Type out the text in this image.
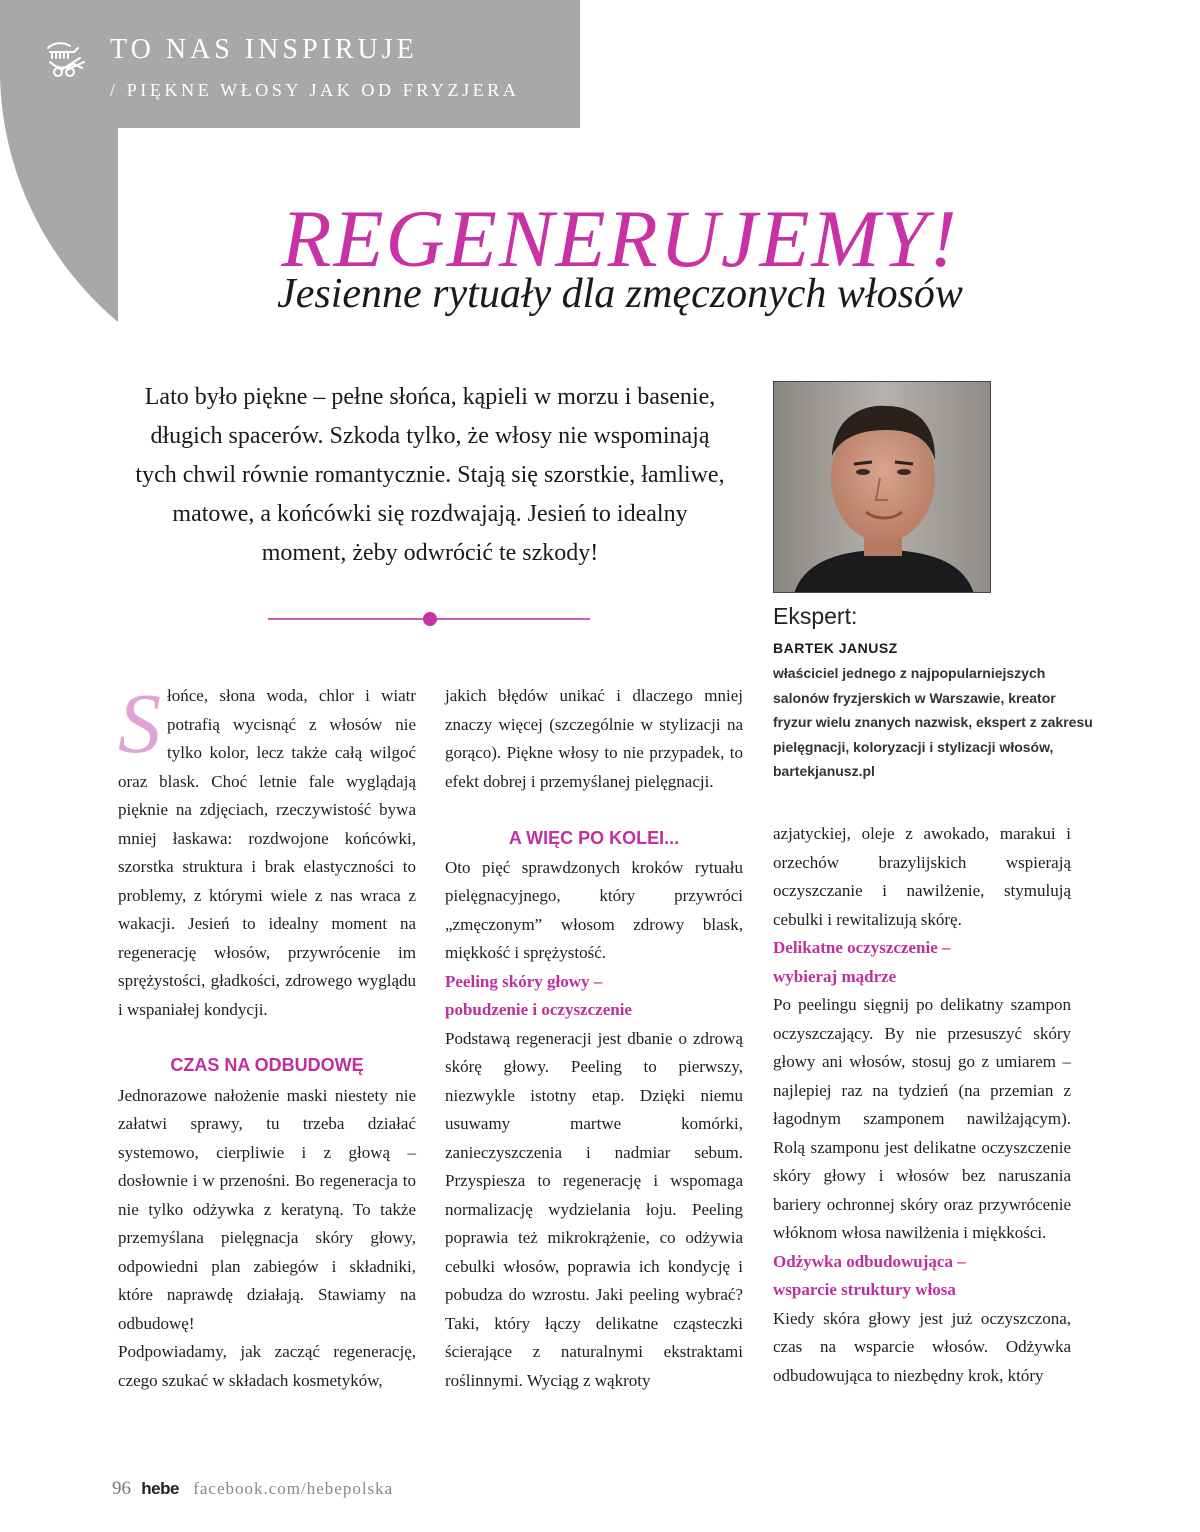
TO NAS INSPIRUJE
/ PIĘKNE WŁOSY JAK OD FRYZJERA
REGENERUJEMY!
Jesienne rytuały dla zmęczonych włosów

Lato było piękne – pełne słońca, kąpieli w morzu i basenie, długich spacerów. Szkoda tylko, że włosy nie wspominają tych chwil równie romantycznie. Stają się szorstkie, łamliwe, matowe, a końcówki się rozdwajają. Jesień to idealny moment, żeby odwrócić te szkody!

Ekspert:
BARTEK JANUSZ

właściciel jednego z najpopularniejszych salonów fryzjerskich w Warszawie, kreator fryzur wielu znanych nazwisk, ekspert z zakresu pielęgnacji, koloryzacji i stylizacji włosów, bartekjanusz.pl

Słońce, słona woda, chlor i wiatr potrafią wycisnąć z włosów nie tylko kolor, lecz także całą wilgoć oraz blask. Choć letnie fale wyglądają pięknie na zdjęciach, rzeczywistość bywa mniej łaskawa: rozdwojone końcówki, szorstka struktura i brak elastyczności to problemy, z którymi wiele z nas wraca z wakacji. Jesień to idealny moment na regenerację włosów, przywrócenie im sprężystości, gładkości, zdrowego wyglądu i wspaniałej kondycji.

CZAS NA ODBUDOWĘ

Jednorazowe nałożenie maski niestety nie załatwi sprawy, tu trzeba działać systemowo, cierpliwie i z głową – dosłownie i w przenośni. Bo regeneracja to nie tylko odżywka z keratyną. To także przemyślana pielęgnacja skóry głowy, odpowiedni plan zabiegów i składniki, które naprawdę działają. Stawiamy na odbudowę!

Podpowiadamy, jak zacząć regenerację, czego szukać w składach kosmetyków,

jakich błędów unikać i dlaczego mniej znaczy więcej (szczególnie w stylizacji na gorąco). Piękne włosy to nie przypadek, to efekt dobrej i przemyślanej pielęgnacji.

A WIĘC PO KOLEI...

Oto pięć sprawdzonych kroków rytuału pielęgnacyjnego, który przywróci „zmęczonym” włosom zdrowy blask, miękkość i sprężystość.

Peeling skóry głowy –

pobudzenie i oczyszczenie

Podstawą regeneracji jest dbanie o zdrową skórę głowy. Peeling to pierwszy, niezwykle istotny etap. Dzięki niemu usuwamy martwe komórki, zanieczyszczenia i nadmiar sebum. Przyspiesza to regenerację i wspomaga normalizację wydzielania łoju. Peeling poprawia też mikrokrążenie, co odżywia cebulki włosów, poprawia ich kondycję i pobudza do wzrostu. Jaki peeling wybrać? Taki, który łączy delikatne cząsteczki ścierające z naturalnymi ekstraktami roślinnymi. Wyciąg z wąkroty

azjatyckiej, oleje z awokado, marakui i orzechów brazylijskich wspierają oczyszczanie i nawilżenie, stymulują cebulki i rewitalizują skórę.

Delikatne oczyszczenie –

wybieraj mądrze

Po peelingu sięgnij po delikatny szampon oczyszczający. By nie przesuszyć skóry głowy ani włosów, stosuj go z umiarem – najlepiej raz na tydzień (na przemian z łagodnym szamponem nawilżającym). Rolą szamponu jest delikatne oczyszczenie skóry głowy i włosów bez naruszania bariery ochronnej skóry oraz przywrócenie włóknom włosa nawilżenia i miękkości.

Odżywka odbudowująca –

wsparcie struktury włosa

Kiedy skóra głowy jest już oczyszczona, czas na wsparcie włosów. Odżywka odbudowująca to niezbędny krok, który

96 hebe facebook.com/hebepolska
